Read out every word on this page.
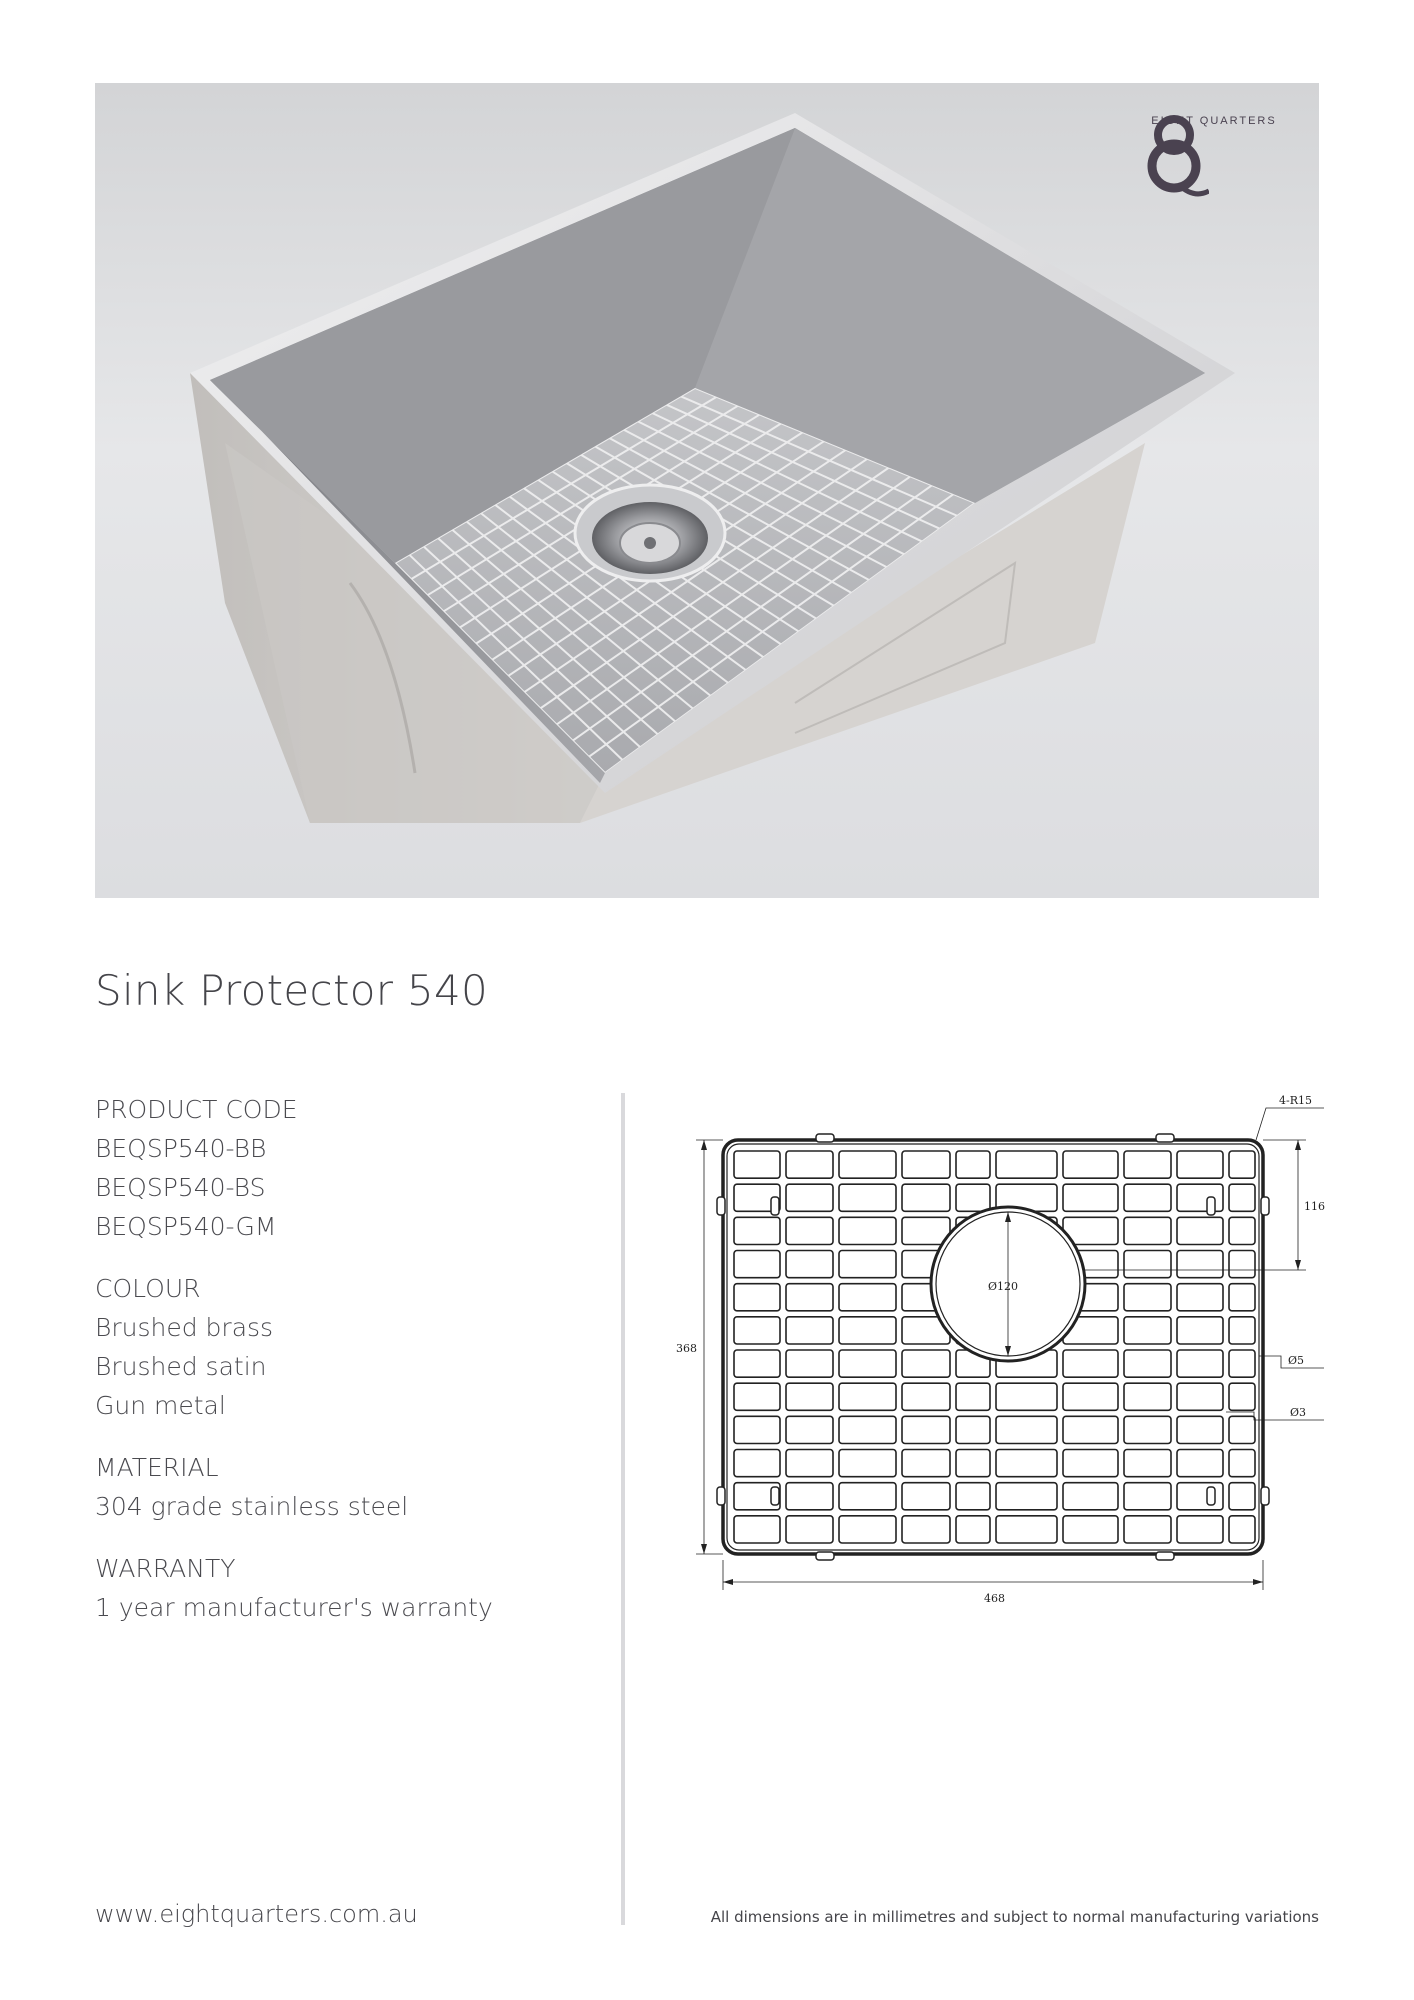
EIGHT QUARTERS
Sink Protector 540
PRODUCT CODE
BEQSP540-BB
BEQSP540-BS
BEQSP540-GM
COLOUR
Brushed brass
Brushed satin
Gun metal
MATERIAL
304 grade stainless steel
WARRANTY
1 year manufacturer's warranty
4-R15
116
Ø120
368
Ø5
Ø3
468
www.eightquarters.com.au	All dimensions are in millimetres and subject to normal manufacturing variations
